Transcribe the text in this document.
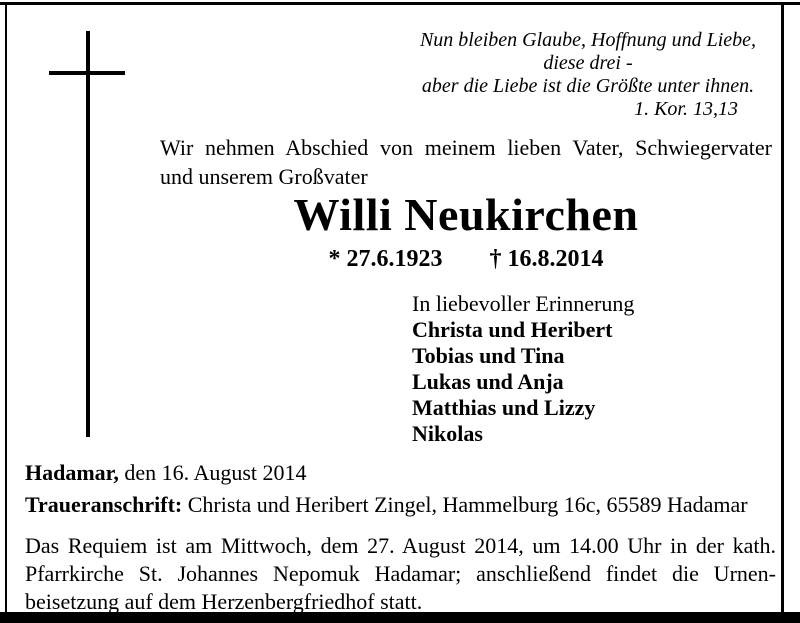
Nun bleiben Glaube, Hoffnung und Liebe,
diese drei -
aber die Liebe ist die Größte unter ihnen.
1. Kor. 13,13
Wir nehmen Abschied von meinem lieben Vater, Schwiegervater
und unserem Großvater
Willi Neukirchen
* 27.6.1923 † 16.8.2014
In liebevoller Erinnerung
Christa und Heribert
Tobias und Tina
Lukas und Anja
Matthias und Lizzy
Nikolas
Hadamar, den 16. August 2014
Traueranschrift: Christa und Heribert Zingel, Hammelburg 16c, 65589 Hadamar
Das Requiem ist am Mittwoch, dem 27. August 2014, um 14.00 Uhr in der kath.
Pfarrkirche St. Johannes Nepomuk Hadamar; anschließend findet die Urnen-
beisetzung auf dem Herzenbergfriedhof statt.
